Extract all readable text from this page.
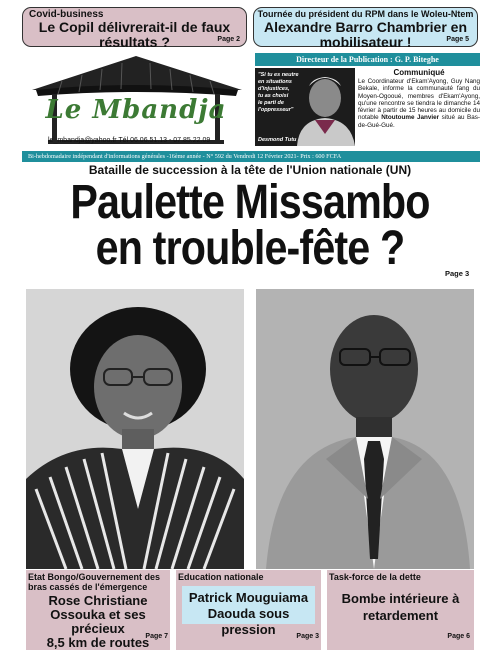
Covid-business
Le Copil délivrerait-il de faux
résultats ?	Page 2
Tournée du président du RPM dans le Woleu-Ntem
Alexandre Barro Chambrier en
mobilisateur !	Page 5
Le Mbandja
le_mbandja@yahoo.fr Tél 06.06.51.13 - 07.85.22.09
Directeur de la Publication : G. P. Biteghe
"Si tu es neutre
en situations
d'injustices,
tu as choisi
le parti de
l'oppresseur"
Desmond Tutu
Communiqué
Le Coordinateur d'Ekam'Ayong, Guy Nang Bekale, informe la communauté fang du Moyen-Ogooué, membres d'Ekam'Ayong, qu'une rencontre se tiendra le dimanche 14 février à partir de 15 heures au domicile du notable Ntoutoume Janvier situé au Bas-de-Gué-Gué.
Bi-hebdomadaire indépendant d'informations générales -16ème année - N° 592 du Vendredi 12 Février 2021- Prix : 600 FCFA
Bataille de succession à la tête de l'Union nationale (UN)
Paulette Missambo
en trouble-fête ?	Page 3
Etat Bongo/Gouvernement des
bras cassés de l'émergence
Rose Christiane
Ossouka et ses précieux
8,5 km de routes
Page 7
Education nationale
Patrick Mouguiama
Daouda sous pression	Page 3
Task-force de la dette
Bombe intérieure à
retardement
Page 6
